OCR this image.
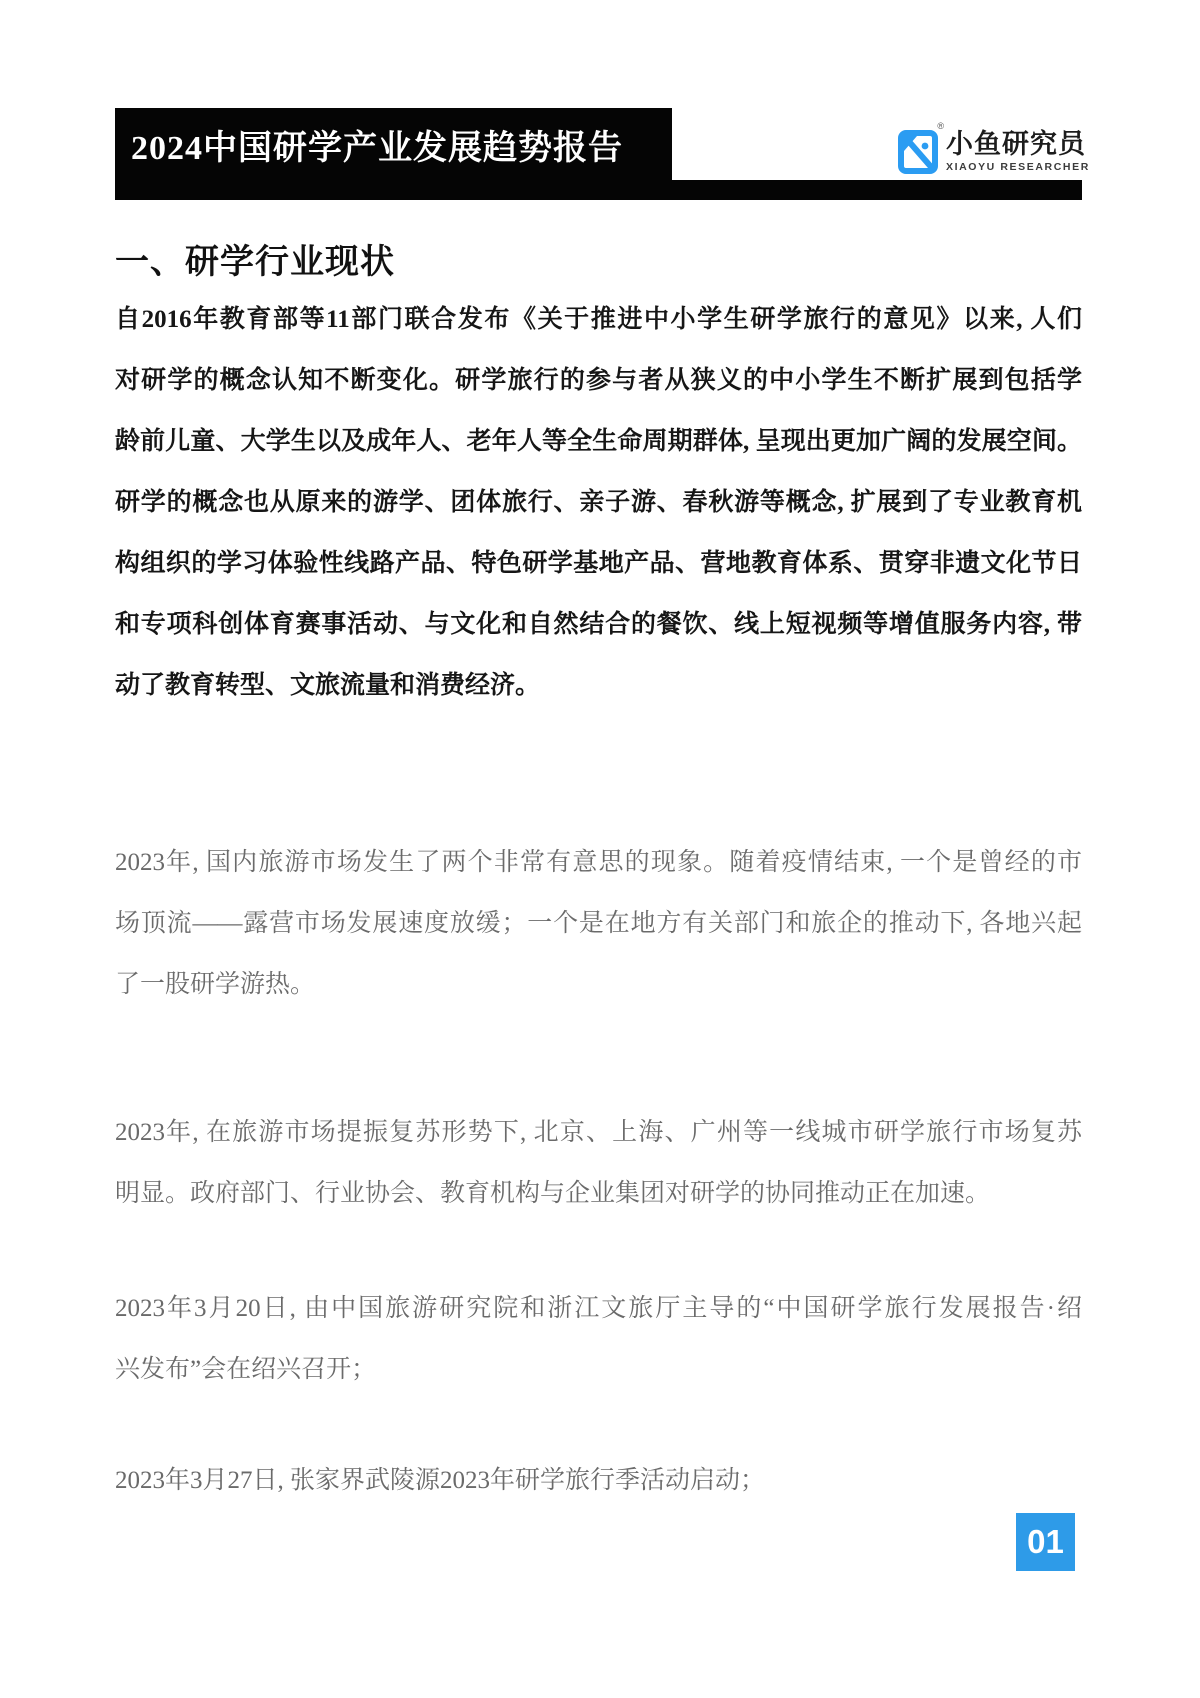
2024中国研学产业发展趋势报告
®
小鱼研究员
XIAOYU RESEARCHER
一、研学行业现状
自2016年教育部等11部门联合发布《关于推进中小学生研学旅行的意见》以来, 人们
对研学的概念认知不断变化。研学旅行的参与者从狭义的中小学生不断扩展到包括学
龄前儿童、大学生以及成年人、老年人等全生命周期群体, 呈现出更加广阔的发展空间。
研学的概念也从原来的游学、团体旅行、亲子游、春秋游等概念, 扩展到了专业教育机
构组织的学习体验性线路产品、特色研学基地产品、营地教育体系、贯穿非遗文化节日
和专项科创体育赛事活动、与文化和自然结合的餐饮、线上短视频等增值服务内容, 带
动了教育转型、文旅流量和消费经济。
2023年, 国内旅游市场发生了两个非常有意思的现象。随着疫情结束, 一个是曾经的市
场顶流——露营市场发展速度放缓；一个是在地方有关部门和旅企的推动下, 各地兴起
了一股研学游热。
2023年, 在旅游市场提振复苏形势下, 北京、上海、广州等一线城市研学旅行市场复苏
明显。政府部门、行业协会、教育机构与企业集团对研学的协同推动正在加速。
2023年3月20日, 由中国旅游研究院和浙江文旅厅主导的“中国研学旅行发展报告·绍
兴发布”会在绍兴召开；
2023年3月27日, 张家界武陵源2023年研学旅行季活动启动；
01
